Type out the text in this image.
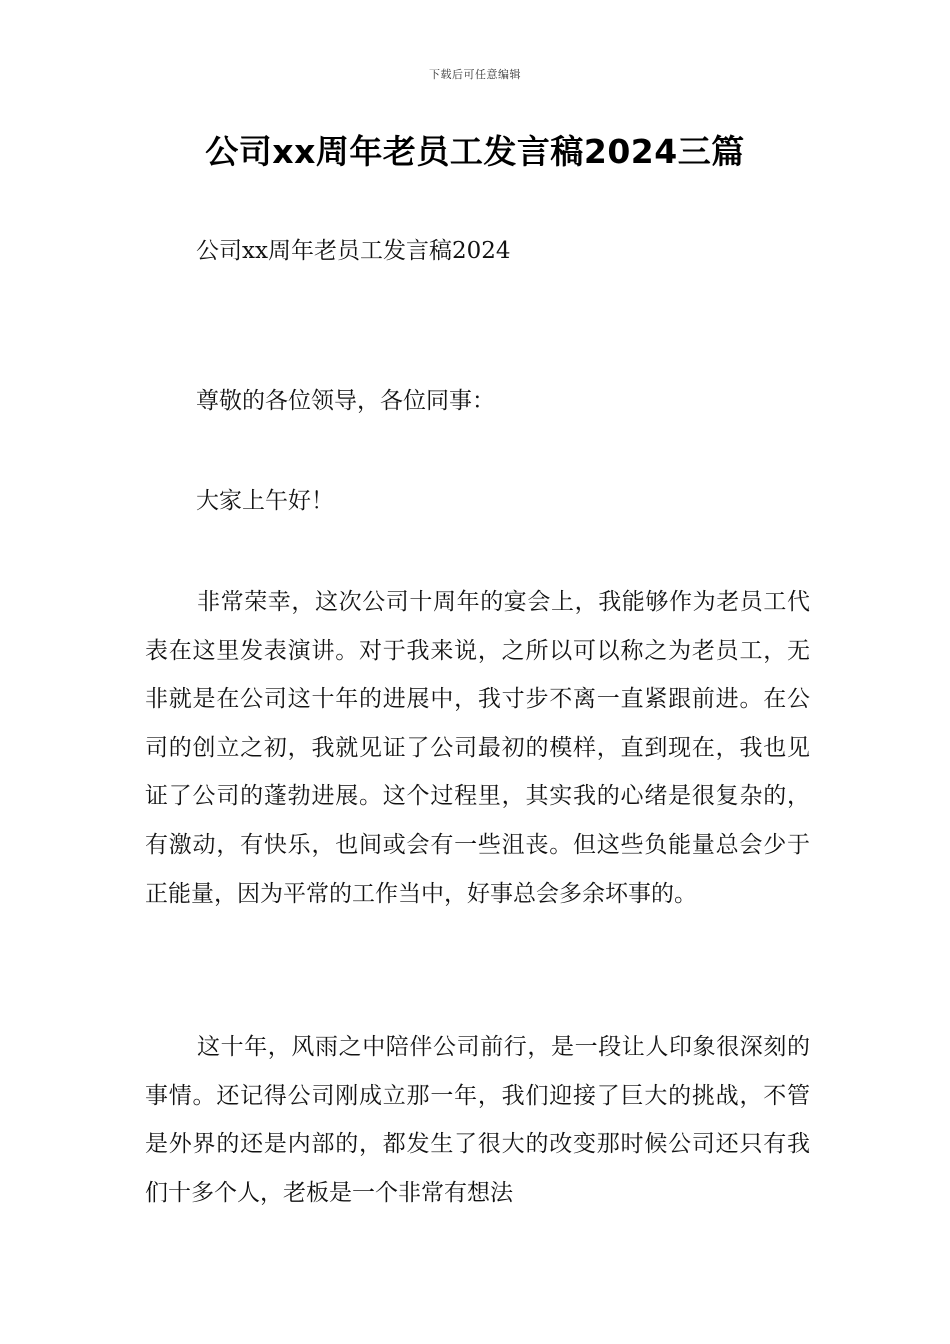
下载后可任意编辑
公司xx周年老员工发言稿2024三篇
公司xx周年老员工发言稿2024
尊敬的各位领导，各位同事：
大家上午好！

非常荣幸，这次公司十周年的宴会上，我能够作为老员工代表在这里发表演讲。对于我来说，之所以可以称之为老员工，无非就是在公司这十年的进展中，我寸步不离一直紧跟前进。在公司的创立之初，我就见证了公司最初的模样，直到现在，我也见证了公司的蓬勃进展。这个过程里，其实我的心绪是很复杂的，有激动，有快乐，也间或会有一些沮丧。但这些负能量总会少于正能量，因为平常的工作当中，好事总会多余坏事的。

这十年，风雨之中陪伴公司前行，是一段让人印象很深刻的事情。还记得公司刚成立那一年，我们迎接了巨大的挑战，不管是外界的还是内部的，都发生了很大的改变那时候公司还只有我们十多个人，老板是一个非常有想法
